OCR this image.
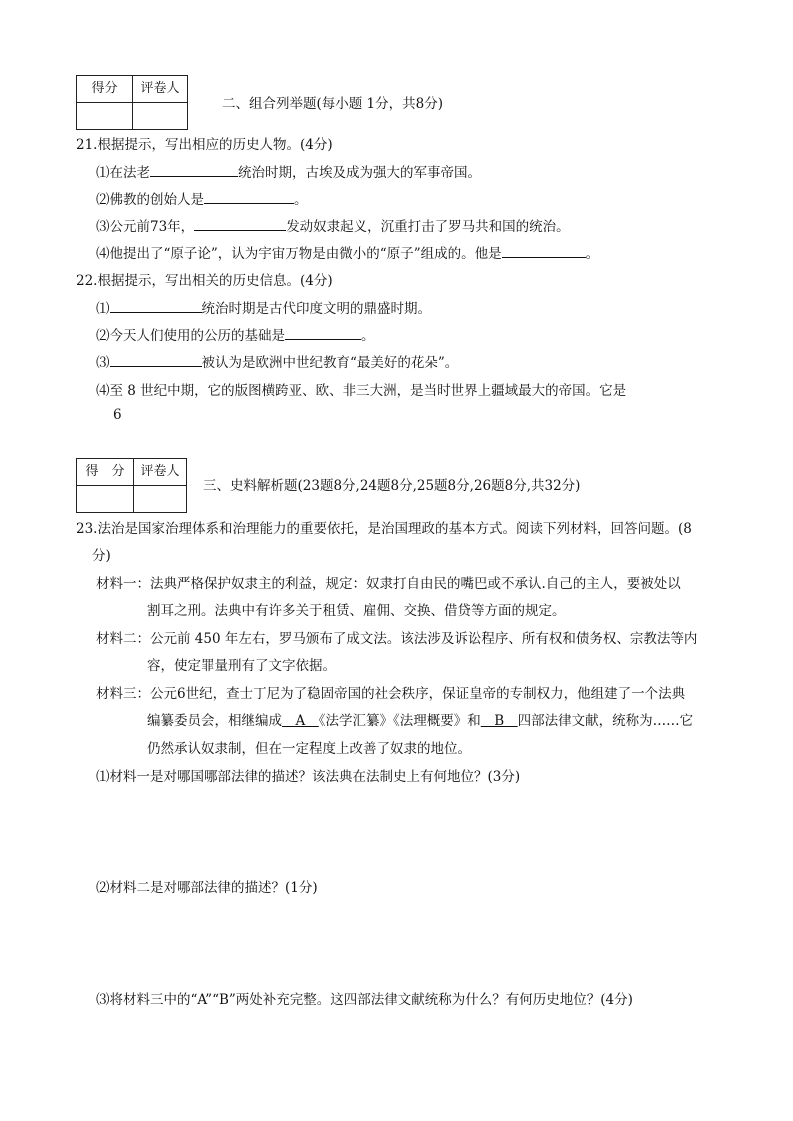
得分	评卷人

二、组合列举题(每小题 1分，共8分)
21.根据提示，写出相应的历史人物。(4分)
⑴在法老	统治时期，古埃及成为强大的军事帝国。
⑵佛教的创始人是	。
⑶公元前73年，	发动奴隶起义，沉重打击了罗马共和国的统治。
⑷他提出了“原子论”，认为宇宙万物是由微小的“原子”组成的。他是	。
22.根据提示，写出相关的历史信息。(4分)
⑴	统治时期是古代印度文明的鼎盛时期。
⑵今天人们使用的公历的基础是	。
⑶	被认为是欧洲中世纪教育“最美好的花朵”。
⑷至 8 世纪中期，它的版图横跨亚、欧、非三大洲，是当时世界上疆域最大的帝国。它是
6
得　分	评卷人

三、史料解析题(23题8分,24题8分,25题8分,26题8分,共32分)
23.法治是国家治理体系和治理能力的重要依托，是治国理政的基本方式。阅读下列材料，回答问题。(8
分)
材料一：法典严格保护奴隶主的利益，规定：奴隶打自由民的嘴巴或不承认.自己的主人，要被处以
割耳之刑。法典中有许多关于租赁、雇佣、交换、借贷等方面的规定。
材料二：公元前 450 年左右，罗马颁布了成文法。该法涉及诉讼程序、所有权和债务权、宗教法等内
容，使定罪量刑有了文字依据。
材料三：公元6世纪，查士丁尼为了稳固帝国的社会秩序，保证皇帝的专制权力，他组建了一个法典
编纂委员会，相继编成　A　《法学汇纂》《法理概要》和　B　四部法律文献，统称为……它
仍然承认奴隶制，但在一定程度上改善了奴隶的地位。
⑴材料一是对哪国哪部法律的描述？该法典在法制史上有何地位？(3分)
⑵材料二是对哪部法律的描述？(1分)
⑶将材料三中的“A”“B”两处补充完整。这四部法律文献统称为什么？有何历史地位？(4分)
